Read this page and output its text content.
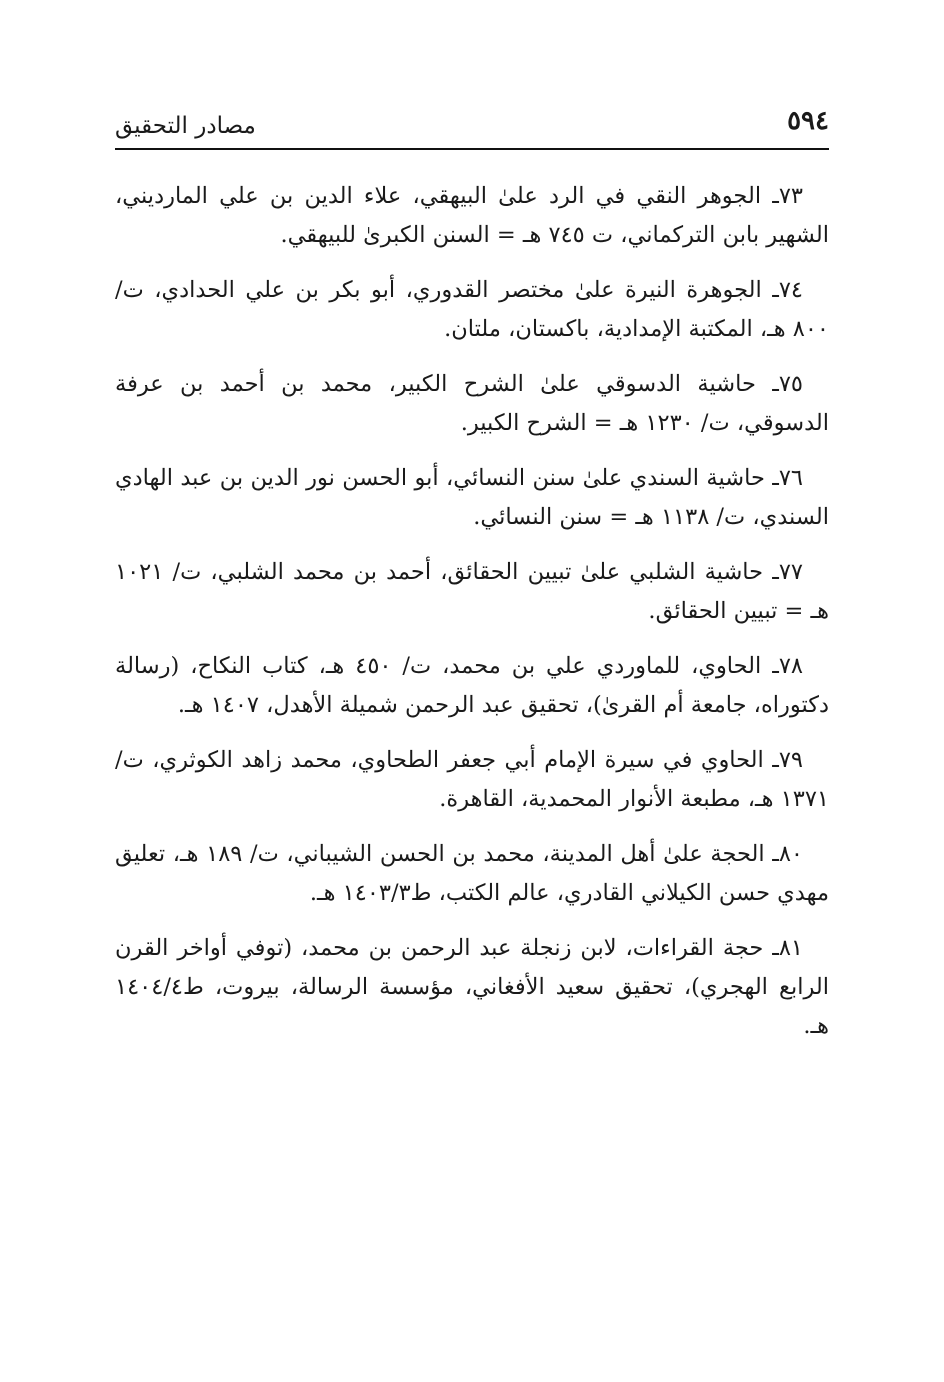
٥٩٤
مصادر التحقيق

٧٣ـ الجوهر النقي في الرد علىٰ البيهقي، علاء الدين بن علي المارديني، الشهير بابن التركماني، ت ٧٤٥ هـ = السنن الكبرىٰ للبيهقي.

٧٤ـ الجوهرة النيرة علىٰ مختصر القدوري، أبو بكر بن علي الحدادي، ت/ ٨٠٠ هـ، المكتبة الإمدادية، باكستان، ملتان.

٧٥ـ حاشية الدسوقي علىٰ الشرح الكبير، محمد بن أحمد بن عرفة الدسوقي، ت/ ١٢٣٠ هـ = الشرح الكبير.

٧٦ـ حاشية السندي علىٰ سنن النسائي، أبو الحسن نور الدين بن عبد الهادي السندي، ت/ ١١٣٨ هـ = سنن النسائي.

٧٧ـ حاشية الشلبي علىٰ تبيين الحقائق، أحمد بن محمد الشلبي، ت/ ١٠٢١ هـ = تبيين الحقائق.

٧٨ـ الحاوي، للماوردي علي بن محمد، ت/ ٤٥٠ هـ، كتاب النكاح، (رسالة دكتوراه، جامعة أم القرىٰ)، تحقيق عبد الرحمن شميلة الأهدل، ١٤٠٧ هـ.

٧٩ـ الحاوي في سيرة الإمام أبي جعفر الطحاوي، محمد زاهد الكوثري، ت/ ١٣٧١ هـ، مطبعة الأنوار المحمدية، القاهرة.

٨٠ـ الحجة علىٰ أهل المدينة، محمد بن الحسن الشيباني، ت/ ١٨٩ هـ، تعليق مهدي حسن الكيلاني القادري، عالم الكتب، ط١٤٠٣/٣ هـ.

٨١ـ حجة القراءات، لابن زنجلة عبد الرحمن بن محمد، (توفي أواخر القرن الرابع الهجري)، تحقيق سعيد الأفغاني، مؤسسة الرسالة، بيروت، ط١٤٠٤/٤ هـ.
